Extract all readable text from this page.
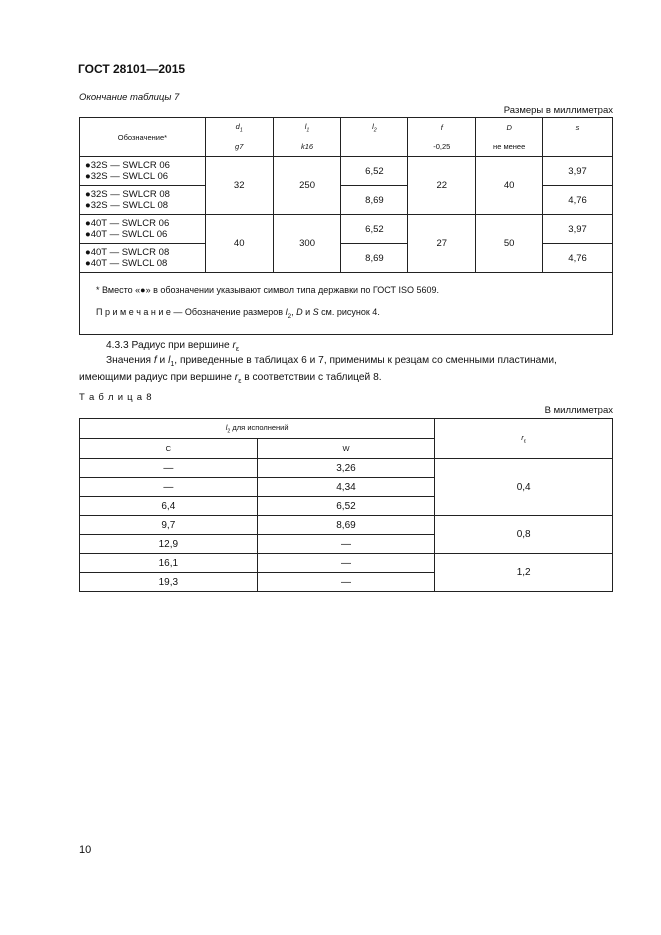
ГОСТ 28101—2015
Окончание таблицы 7
Размеры в миллиметрах
Обозначение*	$d_1$	$l_1$	$l_2$	f	D	s
	g7	k16		-0,25	не менее	

●32S — SWLCR 06
●32S — SWLCL 06	32	250	6,52	22	40	3,97

●32S — SWLCR 08
●32S — SWLCL 08			8,69			4,76

●40T — SWLCR 06
●40T — SWLCL 06	40	300	6,52	27	50	3,97

●40T — SWLCR 08
●40T — SWLCL 08			8,69			4,76

* Вместо «●» в обозначении указывают символ типа державки по ГОСТ ISO 5609.
П р и м е ч а н и е — Обозначение размеров $l_2$, D и S см. рисунок 4.						
4.3.3 Радиус при вершине $r_\varepsilon$
Значения f и $l_1$, приведенные в таблицах 6 и 7, применимы к резцам со сменными пластинами,
имеющими радиус при вершине $r_\varepsilon$ в соответствии с таблицей 8.
Т а б л и ц а 8
В миллиметрах
$l_2$ для исполнений		$r_\varepsilon$
C	W	
—	3,26	0,4
—	4,34	
6,4	6,52	
9,7	8,69	0,8
12,9	—	
16,1	—	1,2
19,3	—	
10
